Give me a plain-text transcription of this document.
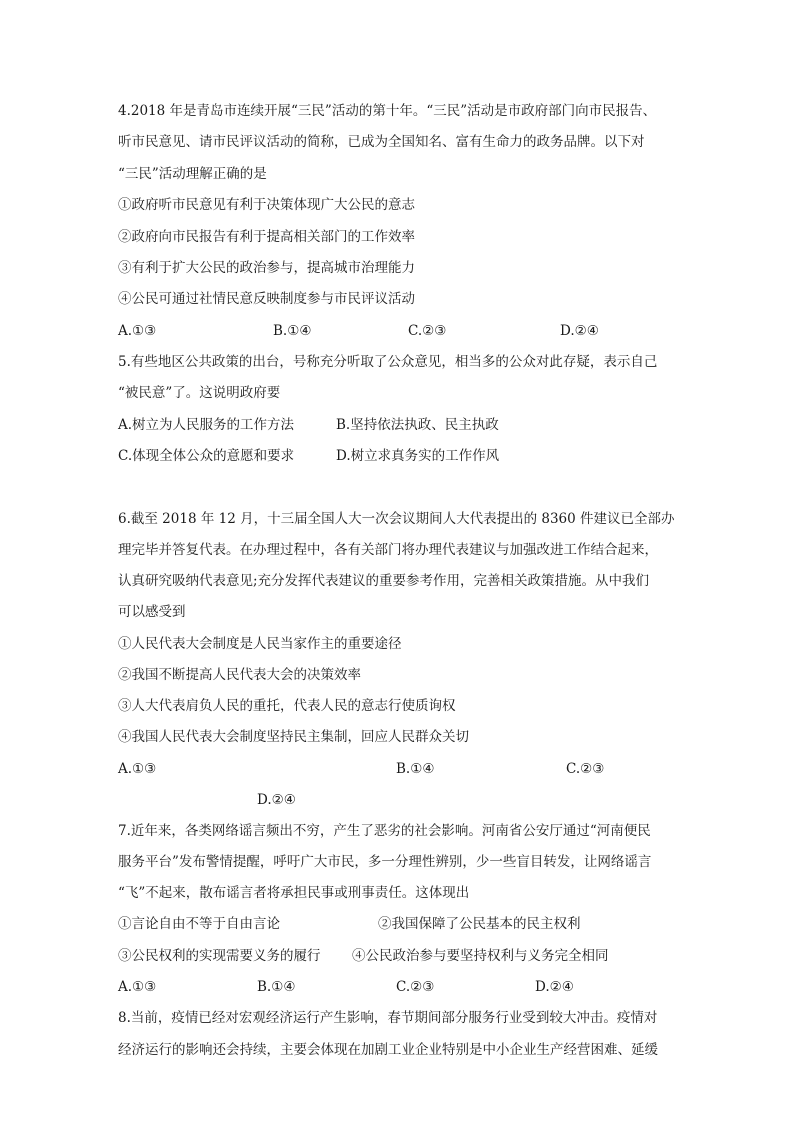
4.2018 年是青岛市连续开展“三民”活动的第十年。“三民”活动是市政府部门向市民报告、
听市民意见、请市民评议活动的简称，已成为全国知名、富有生命力的政务品牌。以下对
“三民”活动理解正确的是
①政府听市民意见有利于决策体现广大公民的意志
②政府向市民报告有利于提高相关部门的工作效率
③有利于扩大公民的政治参与，提高城市治理能力
④公民可通过社情民意反映制度参与市民评议活动
A.①③	B.①④	C.②③	D.②④
5.有些地区公共政策的出台，号称充分听取了公众意见，相当多的公众对此存疑，表示自己
“被民意”了。这说明政府要
A.树立为人民服务的工作方法	B.坚持依法执政、民主执政
C.体现全体公众的意愿和要求	D.树立求真务实的工作作风
6.截至 2018 年 12 月，十三届全国人大一次会议期间人大代表提出的 8360 件建议已全部办
理完毕并答复代表。在办理过程中，各有关部门将办理代表建议与加强改进工作结合起来，
认真研究吸纳代表意见;充分发挥代表建议的重要参考作用，完善相关政策措施。从中我们
可以感受到
①人民代表大会制度是人民当家作主的重要途径
②我国不断提高人民代表大会的决策效率
③人大代表肩负人民的重托，代表人民的意志行使质询权
④我国人民代表大会制度坚持民主集制，回应人民群众关切
A.①③	B.①④	C.②③
D.②④
7.近年来，各类网络谣言频出不穷，产生了恶劣的社会影响。河南省公安厅通过“河南便民
服务平台”发布警情提醒，呼吁广大市民，多一分理性辨别，少一些盲目转发，让网络谣言
“飞”不起来，散布谣言者将承担民事或刑事责任。这体现出
①言论自由不等于自由言论	②我国保障了公民基本的民主权利
③公民权利的实现需要义务的履行 ④公民政治参与要坚持权利与义务完全相同
A.①③	B.①④	C.②③	D.②④
8.当前，疫情已经对宏观经济运行产生影响，春节期间部分服务行业受到较大冲击。疫情对
经济运行的影响还会持续，主要会体现在加剧工业企业特别是中小企业生产经营困难、延缓
